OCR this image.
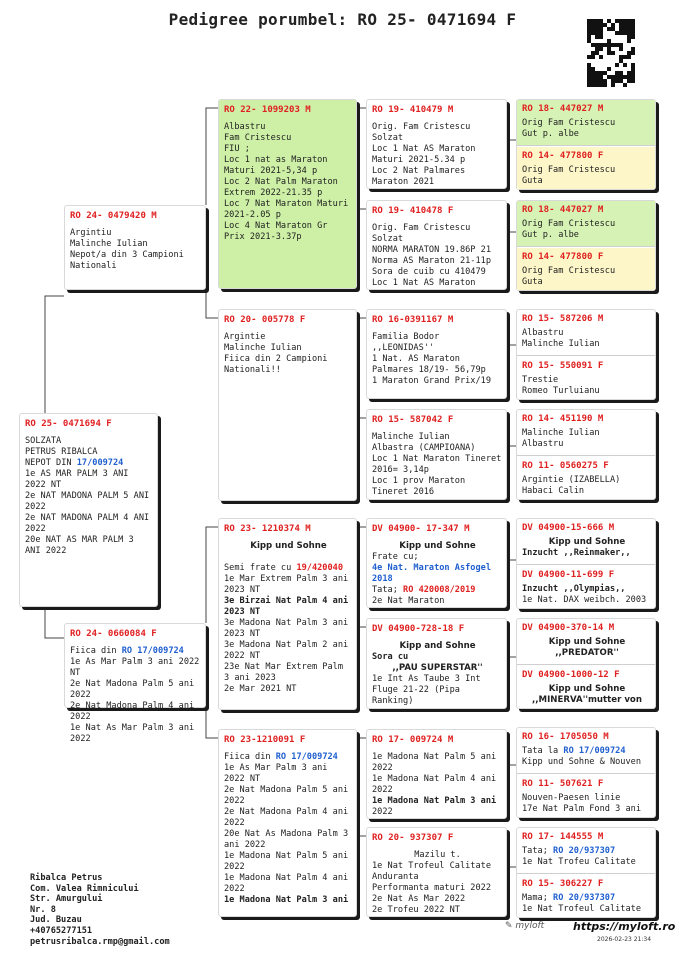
Pedigree porumbel: RO 25- 0471694 F
RO 25- 0471694 F
SOLZATA
PETRUS RIBALCA
NEPOT DIN 17/009724
1e AS MAR PALM 3 ANI 2022 NT
2e NAT MADONA PALM 5 ANI 2022
2e NAT MADONA PALM 4 ANI 2022
20e NAT AS MAR PALM 3 ANI 2022
RO 24- 0479420 M
Argintiu
Malinche Iulian
Nepot/a din 3 Campioni Nationali
RO 24- 0660084 F
Fiica din RO 17/009724
1e As Mar Palm 3 ani 2022 NT
2e Nat Madona Palm 5 ani 2022
2e Nat Madona Palm 4 ani 2022
1e Nat As Mar Palm 3 ani 2022
RO 22- 1099203 M
Albastru
Fam Cristescu
FIU ;
Loc 1 nat as Maraton Maturi 2021-5,34 p
Loc 2 Nat Palm Maraton Extrem 2022-21.35 p
Loc 7 Nat Maraton Maturi 2021-2.05 p
Loc 4 Nat Maraton Gr Prix 2021-3.37p
RO 20- 005778 F
Argintie
Malinche Iulian
Fiica din 2 Campioni Nationali!!
RO 23- 1210374 M
Kipp und Sohne

Semi frate cu 19/420040
1e Mar Extrem Palm 3 ani 2023 NT
3e Birzai Nat Palm 4 ani 2023 NT
3e Madona Nat Palm 3 ani 2023 NT
3e Madona Nat Palm 2 ani 2022 NT
23e Nat Mar Extrem Palm 3 ani 2023
2e Mar 2021 NT
RO 23-1210091 F
Fiica din RO 17/009724
1e As Mar Palm 3 ani 2022 NT
2e Nat Madona Palm 5 ani 2022
2e Nat Madona Palm 4 ani 2022
20e Nat As Madona Palm 3 ani 2022
1e Madona Nat Palm 5 ani 2022
1e Madona Nat Palm 4 ani 2022
1e Madona Nat Palm 3 ani
RO 19- 410479 M
Orig. Fam Cristescu
Solzat
Loc 1 Nat AS Maraton Maturi 2021-5.34 p
Loc 2 Nat Palmares Maraton 2021
RO 19- 410478 F
Orig. Fam Cristescu
Solzat
NORMA MARATON 19.86P 21
Norma AS Maraton 21-11p
Sora de cuib cu 410479
Loc 1 Nat AS Maraton
RO 16-0391167 M
Familia Bodor
,,LEONIDAS''
1 Nat. AS Maraton Palmares 18/19- 56,79p
1 Maraton Grand Prix/19
RO 15- 587042 F
Malinche Iulian
Albastra (CAMPIOANA)
Loc 1 Nat Maraton Tineret 2016= 3,14p
Loc 1 prov Maraton Tineret 2016
DV 04900- 17-347 M
Kipp und Sohne
Frate cu;
4e Nat. Maraton Asfogel 2018
Tata; RO 420008/2019
2e Nat Maraton
DV 04900-728-18 F
Kipp and Sohne
Sora cu
,,PAU SUPERSTAR''
1e Int As Taube 3 Int Fluge 21-22 (Pipa Ranking)
RO 17- 009724 M
1e Madona Nat Palm 5 ani 2022
1e Madona Nat Palm 4 ani 2022
1e Madona Nat Palm 3 ani
2022
RO 20- 937307 F
Mazilu t.
1e Nat Trofeul Calitate Anduranta
Performanta maturi 2022
2e Nat As Mar 2022
2e Trofeu 2022 NT
RO 18- 447027 M
Orig Fam Cristescu
Gut p. albe
RO 14- 477800 F
Orig Fam Cristescu
Guta
RO 18- 447027 M
Orig Fam Cristescu
Gut p. albe
RO 14- 477800 F
Orig Fam Cristescu
Guta
RO 15- 587206 M
Albastru
Malinche Iulian
RO 15- 550091 F
Trestie
Romeo Turluianu
RO 14- 451190 M
Malinche Iulian
Albastru
RO 11- 0560275 F
Argintie (IZABELLA)
Habaci Calin
DV 04900-15-666 M
Kipp und Sohne
Inzucht ,,Reinmaker,,
DV 04900-11-699 F
Inzucht ,,Olympias,,
1e Nat. DAX weibch. 2003
DV 04900-370-14 M
Kipp und Sohne
,,PREDATOR''
DV 04900-1000-12 F
Kipp und Sohne
,,MINERVA''mutter von
RO 16- 1705050 M
Tata la RO 17/009724
Kipp und Sohne & Nouven
RO 11- 507621 F
Nouven-Paesen linie
17e Nat Palm Fond 3 ani
RO 17- 144555 M
Tata; RO 20/937307
1e Nat Trofeu Calitate
RO 15- 306227 F
Mama; RO 20/937307
1e Nat Trofeul Calitate
Ribalca Petrus
Com. Valea Rimnicului
Str. Amurgului
Nr. 8
Jud. Buzau
+40765277151
petrusribalca.rmp@gmail.com
✎ myloft	https://myloft.ro
2026-02-23 21:34
